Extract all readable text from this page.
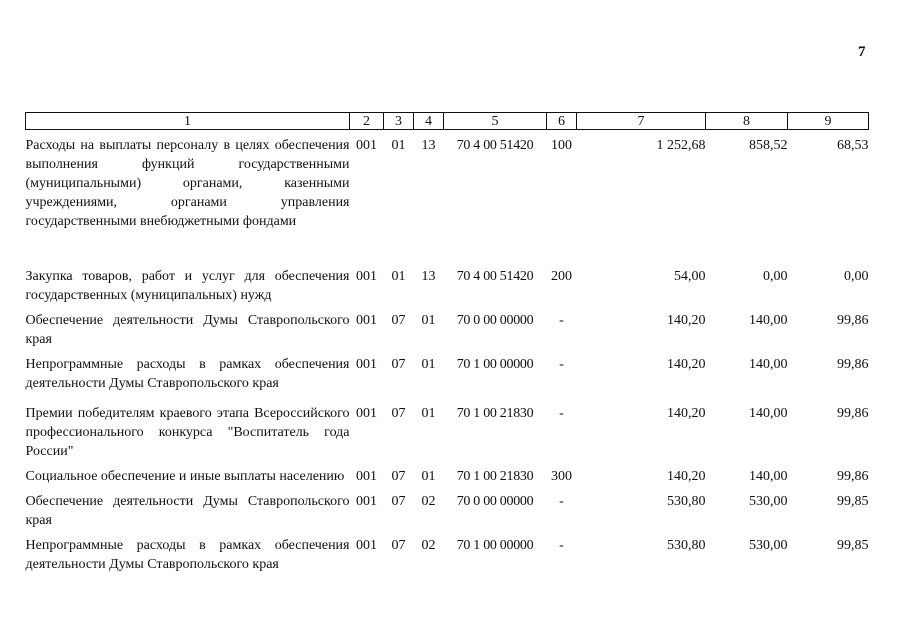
7
1	2	3	4	5	6	7	8	9
Расходы на выплаты персоналу в целях обеспечения выполнения функций государственными (муниципальными) органами, казенными учреждениями, органами управления государственными внебюджетными фондами	001	01	13	70 4 00 51420	100	1 252,68	858,52	68,53
Закупка товаров, работ и услуг для обеспечения государственных (муниципальных) нужд	001	01	13	70 4 00 51420	200	54,00	0,00	0,00
Обеспечение деятельности Думы Ставропольского края	001	07	01	70 0 00 00000	-	140,20	140,00	99,86
Непрограммные расходы в рамках обеспечения деятельности Думы Ставропольского края	001	07	01	70 1 00 00000	-	140,20	140,00	99,86
Премии победителям краевого этапа Всероссийского профессионального конкурса "Воспитатель года России"	001	07	01	70 1 00 21830	-	140,20	140,00	99,86
Социальное обеспечение и иные выплаты населению	001	07	01	70 1 00 21830	300	140,20	140,00	99,86
Обеспечение деятельности Думы Ставропольского края	001	07	02	70 0 00 00000	-	530,80	530,00	99,85
Непрограммные расходы в рамках обеспечения деятельности Думы Ставропольского края	001	07	02	70 1 00 00000	-	530,80	530,00	99,85
